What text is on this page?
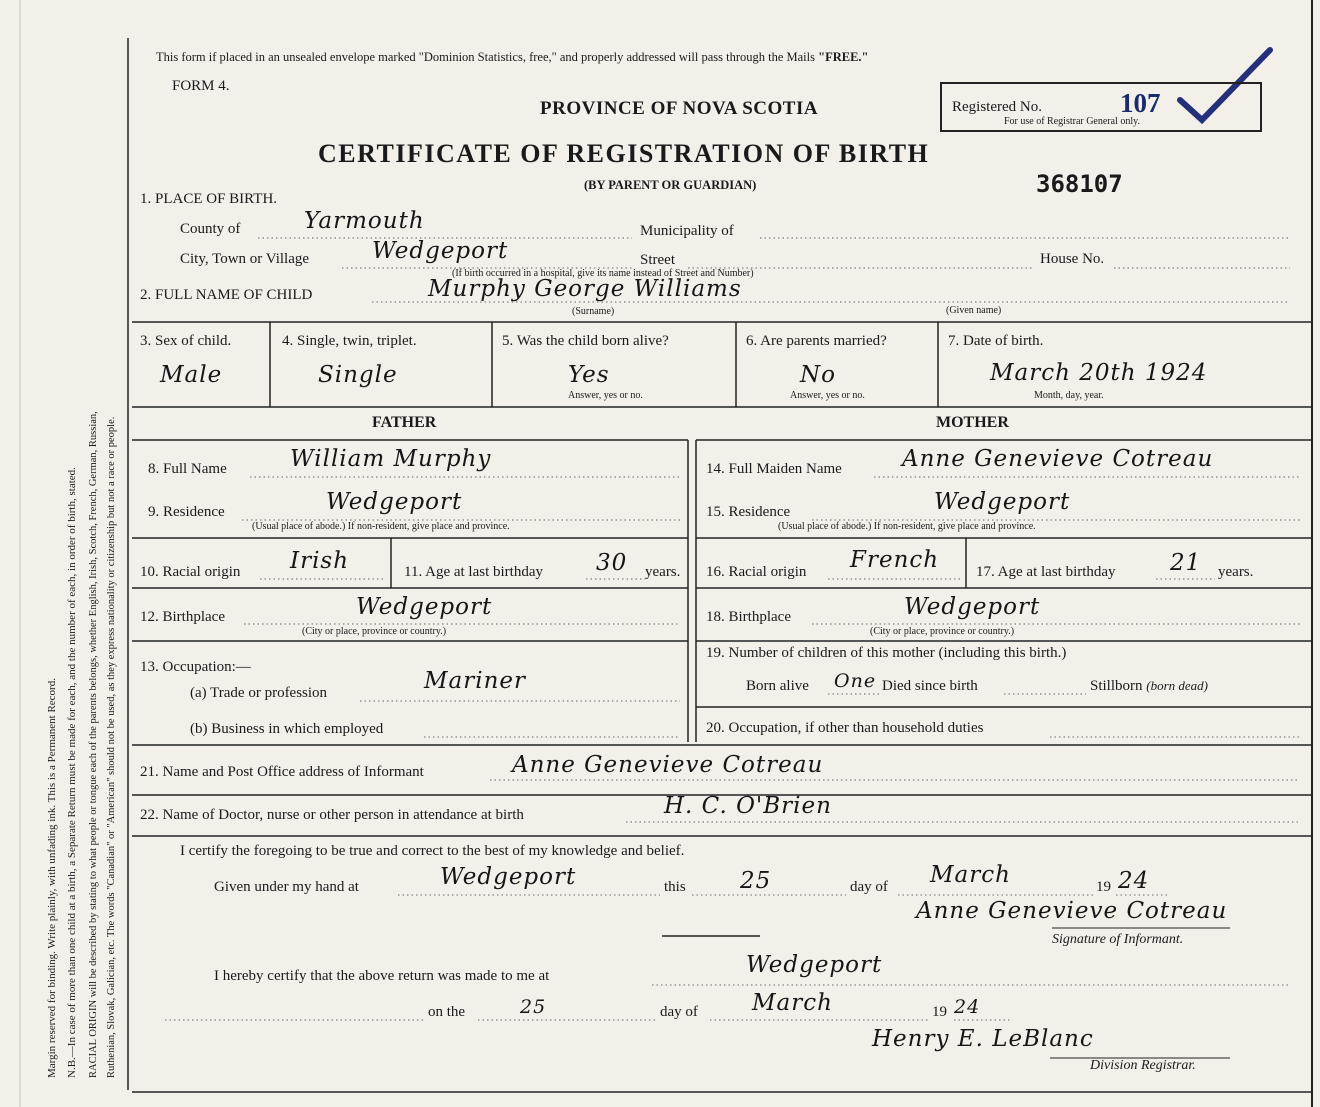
Margin reserved for binding. Write plainly, with unfading ink. This is a Permanent Record. N.B.—In case of more than one child at a birth, a Separate Return must be made for each, and the number of each, in order of birth, stated. RACIAL ORIGIN will be described by stating to what people or tongue each of the parents belongs, whether English, Irish, Scotch, French, German, Russian, Ruthenian, Slovak, Galician, etc. The words "Canadian" or "American" should not be used, as they express nationality or citizenship but not a race or people.
This form if placed in an unsealed envelope marked "Dominion Statistics, free," and properly addressed will pass through the Mails "FREE."
FORM 4.
PROVINCE OF NOVA SCOTIA
CERTIFICATE OF REGISTRATION OF BIRTH
(BY PARENT OR GUARDIAN)	368107
Registered No.	107
For use of Registrar General only.
1. PLACE OF BIRTH.
County of	Yarmouth	Municipality of
City, Town or Village	Wedgeport	Street
(If birth occurred in a hospital, give its name instead of Street and Number)
House No.
2. FULL NAME OF CHILD	Murphy George Williams
(Surname)	(Given name)
3. Sex of child.
Male
4. Single, twin, triplet.
Single
5. Was the child born alive?
Yes
Answer, yes or no.
6. Are parents married?
No
Answer, yes or no.
7. Date of birth.
March 20th 1924
Month, day, year.
FATHER	MOTHER
8. Full Name	William Murphy
9. Residence	Wedgeport
(Usual place of abode.) If non-resident, give place and province.
10. Racial origin Irish	11. Age at last birthday 30 years.
12. Birthplace	Wedgeport
(City or place, province or country.)
13. Occupation:—
(a) Trade or profession	Mariner
(b) Business in which employed
14. Full Maiden Name	Anne Genevieve Cotreau
15. Residence	Wedgeport
(Usual place of abode.) If non-resident, give place and province.
16. Racial origin French 17. Age at last birthday 21 years.
18. Birthplace	Wedgeport
(City or place, province or country.)
19. Number of children of this mother (including this birth.)
Born alive One Died since birth	Stillborn (born dead)
20. Occupation, if other than household duties
21. Name and Post Office address of Informant	Anne Genevieve Cotreau
22. Name of Doctor, nurse or other person in attendance at birth	H. C. O'Brien
I certify the foregoing to be true and correct to the best of my knowledge and belief.
Given under my hand at	Wedgeport	this 25	day of March	19 24
Anne Genevieve Cotreau
Signature of Informant.
I hereby certify that the above return was made to me at	Wedgeport
on the	25	day of March	19 24
Henry E. LeBlanc
Division Registrar.
